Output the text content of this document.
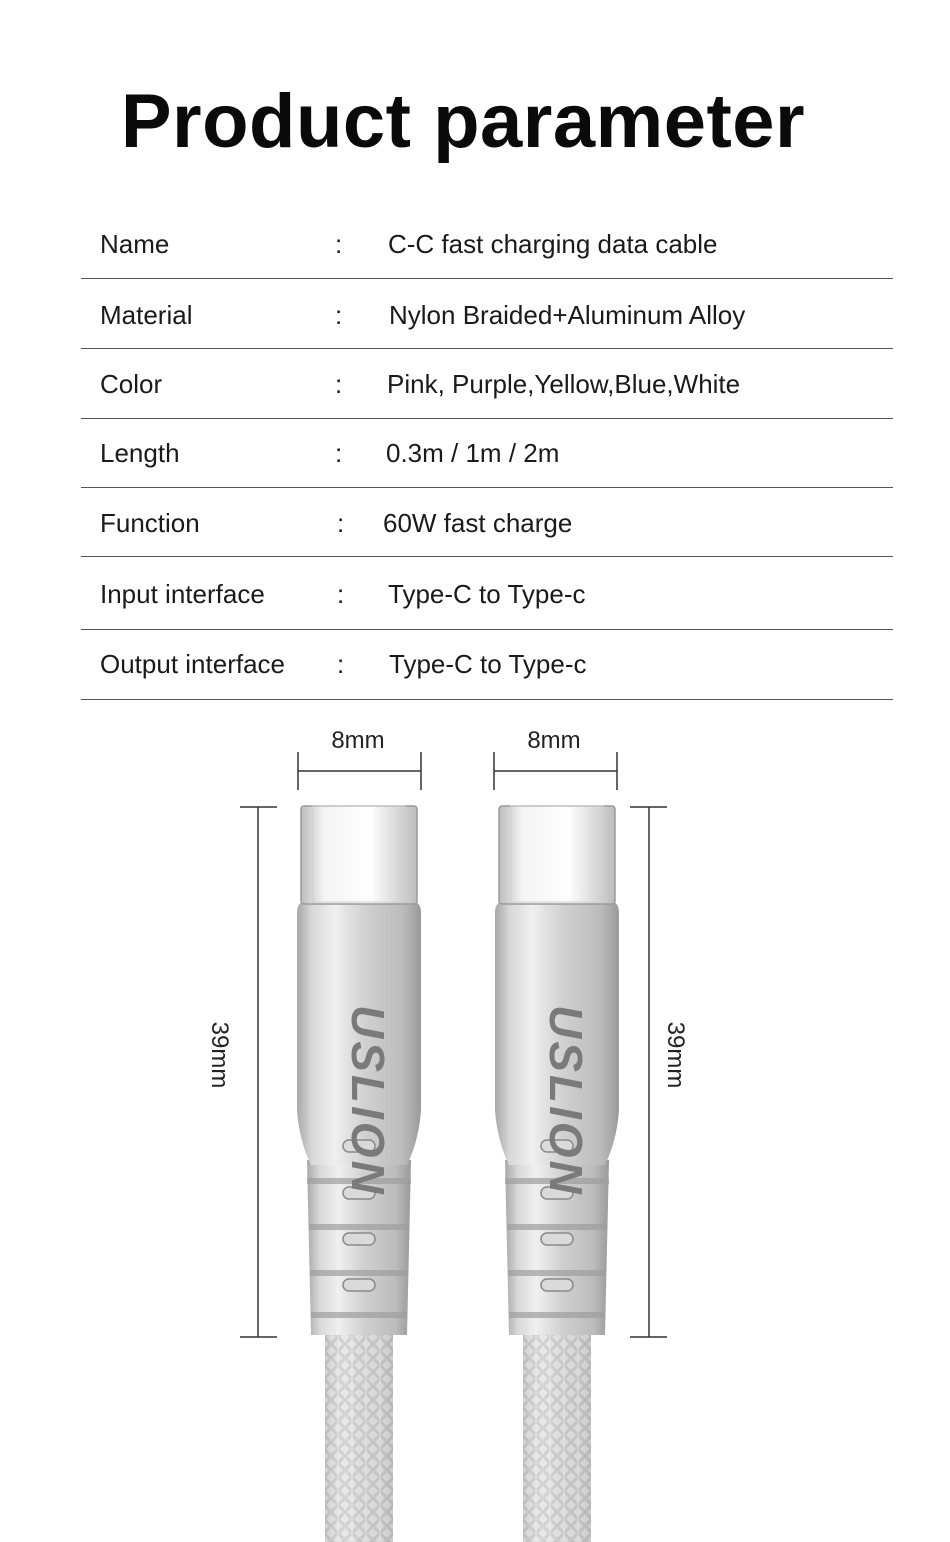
Product parameter
Name	: C-C fast charging data cable
Material	: Nylon Braided+Aluminum Alloy
Color	: Pink, Purple,Yellow,Blue,White
Length	: 0.3m / 1m / 2m
Function	: 60W fast charge
Input interface	: Type-C to Type-c
Output interface : Type-C to Type-c
USLION	USLION
8mm	8mm
39mm	39mm
